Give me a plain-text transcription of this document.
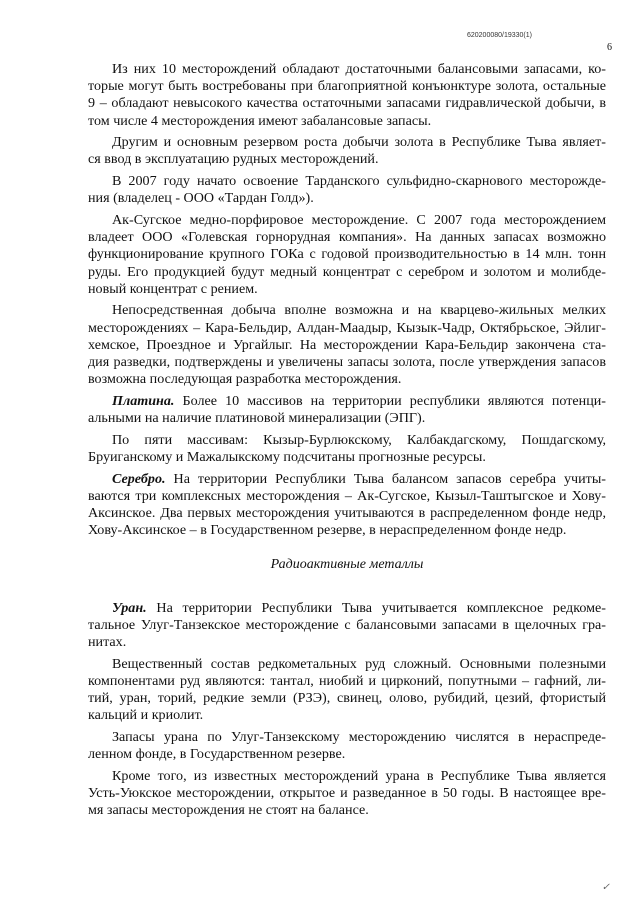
620200080/19330(1)
6
Из них 10 месторождений обладают достаточными балансовыми запасами, ко-
торые могут быть востребованы при благоприятной конъюнктуре золота, остальные
9 – обладают невысокого качества остаточными запасами гидравлической добычи, в
том числе 4 месторождения имеют забалансовые запасы.
Другим и основным резервом роста добычи золота в Республике Тыва являет-
ся ввод в эксплуатацию рудных месторождений.
В 2007 году начато освоение Тарданского сульфидно-скарнового месторожде-
ния (владелец - ООО «Тардан Голд»).
Ак-Сугское медно-порфировое месторождение. С 2007 года месторождением
владеет ООО «Голевская горнорудная компания». На данных запасах возможно
функционирование крупного ГОКа с годовой производительностью в 14 млн. тонн
руды. Его продукцией будут медный концентрат с серебром и золотом и молибде-
новый концентрат с рением.
Непосредственная добыча вполне возможна и на кварцево-жильных мелких
месторождениях – Кара-Бельдир, Алдан-Маадыр, Кызык-Чадр, Октябрьское, Эйлиг-
хемское, Проездное и Ургайлыг. На месторождении Кара-Бельдир закончена ста-
дия разведки, подтверждены и увеличены запасы золота, после утверждения запасов
возможна последующая разработка месторождения.
Платина. Более 10 массивов на территории республики являются потенци-
альными на наличие платиновой минерализации (ЭПГ).
По пяти массивам: Кызыр-Бурлюкскому, Калбакдагскому, Пошдагскому,
Бруиганскому и Мажалыкскому подсчитаны прогнозные ресурсы.
Серебро. На территории Республики Тыва балансом запасов серебра учиты-
ваются три комплексных месторождения – Ак-Сугское, Кызыл-Таштыгское и Хову-
Аксинское. Два первых месторождения учитываются в распределенном фонде недр,
Хову-Аксинское – в Государственном резерве, в нераспределенном фонде недр.
Радиоактивные металлы
Уран. На территории Республики Тыва учитывается комплексное редкоме-
тальное Улуг-Танзекское месторождение с балансовыми запасами в щелочных гра-
нитах.
Вещественный состав редкометальных руд сложный. Основными полезными
компонентами руд являются: тантал, ниобий и цирконий, попутными – гафний, ли-
тий, уран, торий, редкие земли (РЗЭ), свинец, олово, рубидий, цезий, фтористый
кальций и криолит.
Запасы урана по Улуг-Танзекскому месторождению числятся в нераспреде-
ленном фонде, в Государственном резерве.
Кроме того, из известных месторождений урана в Республике Тыва является
Усть-Уюкское месторождении, открытое и разведанное в 50 годы. В настоящее вре-
мя запасы месторождения не стоят на балансе.
✓
